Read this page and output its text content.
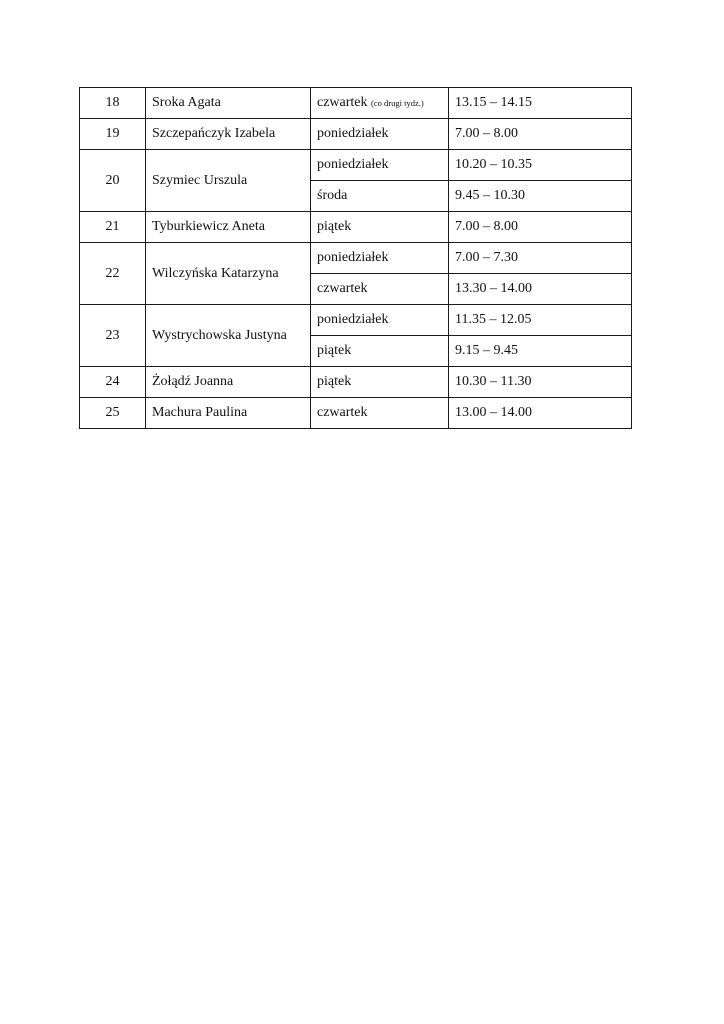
18	Sroka Agata	czwartek (co drugi tydz.)	13.15 – 14.15
19	Szczepańczyk Izabela	poniedziałek	7.00 – 8.00
20	Szymiec Urszula	poniedziałek	10.20 – 10.35
		środa	9.45 – 10.30
21	Tyburkiewicz Aneta	piątek	7.00 – 8.00
22	Wilczyńska Katarzyna	poniedziałek	7.00 – 7.30
		czwartek	13.30 – 14.00
23	Wystrychowska Justyna	poniedziałek	11.35 – 12.05
		piątek	9.15 – 9.45
24	Żołądź Joanna	piątek	10.30 – 11.30
25	Machura Paulina	czwartek	13.00 – 14.00
